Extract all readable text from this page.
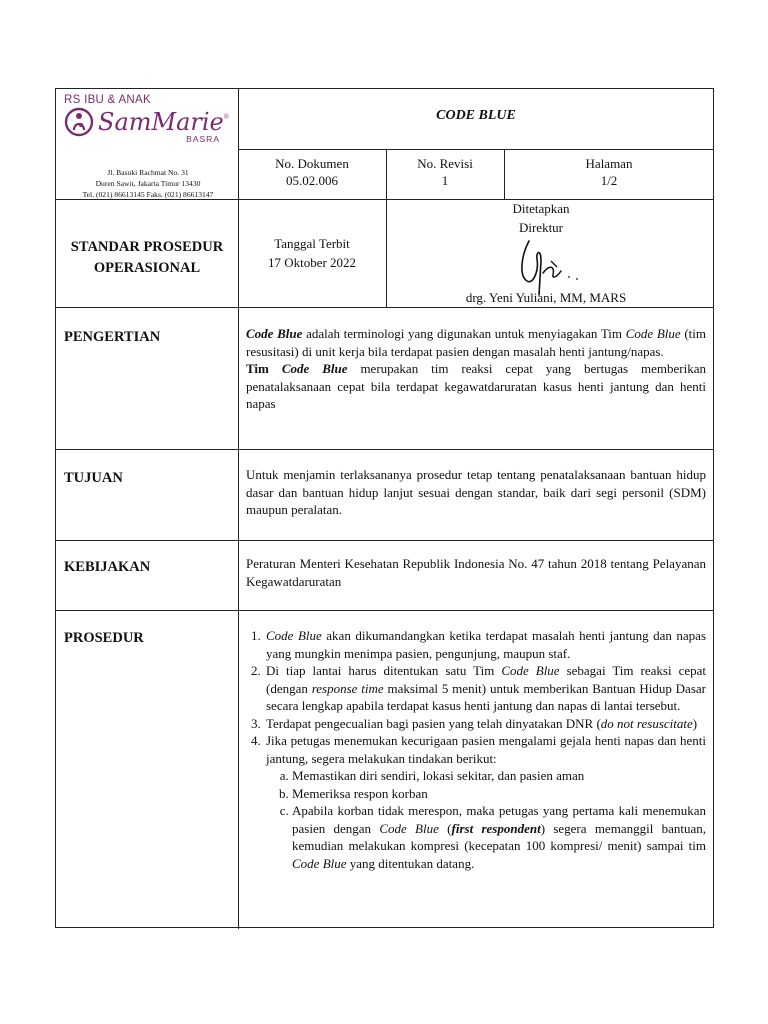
RS IBU & ANAK
SamMarie ®
BASRA
Jl. Basuki Rachmat No. 31
Duren Sawit, Jakarta Timur 13430
Tel. (021) 86613145 Faks. (021) 86613147
CODE BLUE
No. Dokumen
05.02.006
No. Revisi
1
Halaman
1/2
STANDAR PROSEDUR
OPERASIONAL
Tanggal Terbit
17 Oktober 2022
Ditetapkan
Direktur
drg. Yeni Yuliani, MM, MARS
PENGERTIAN	Code Blue adalah terminologi yang digunakan untuk menyiagakan Tim Code Blue (tim resusitasi) di unit kerja bila terdapat pasien dengan masalah henti jantung/napas.

Tim Code Blue merupakan tim reaksi cepat yang bertugas memberikan penatalaksanaan cepat bila terdapat kegawatdaruratan kasus henti jantung dan henti napas

TUJUAN	Untuk menjamin terlaksananya prosedur tetap tentang penatalaksanaan bantuan hidup dasar dan bantuan hidup lanjut sesuai dengan standar, baik dari segi personil (SDM) maupun peralatan.
KEBIJAKAN	Peraturan Menteri Kesehatan Republik Indonesia No. 47 tahun 2018 tentang Pelayanan Kegawatdaruratan
PROSEDUR
1.	Code Blue akan dikumandangkan ketika terdapat masalah henti jantung dan napas yang mungkin menimpa pasien, pengunjung, maupun staf.
2. Di tiap lantai harus ditentukan satu Tim Code Blue sebagai Tim reaksi cepat (dengan response time maksimal 5 menit) untuk memberikan Bantuan Hidup Dasar secara lengkap apabila terdapat kasus henti jantung dan napas di lantai tersebut.
3. Terdapat pengecualian bagi pasien yang telah dinyatakan DNR (do not resuscitate)
4. Jika petugas menemukan kecurigaan pasien mengalami gejala henti napas dan henti jantung, segera melakukan tindakan berikut:
a. Memastikan diri sendiri, lokasi sekitar, dan pasien aman
b. Memeriksa respon korban
c. Apabila korban tidak merespon, maka petugas yang pertama kali menemukan pasien dengan Code Blue (first respondent) segera memanggil bantuan, kemudian melakukan kompresi (kecepatan 100 kompresi/ menit) sampai tim Code Blue yang ditentukan datang.
